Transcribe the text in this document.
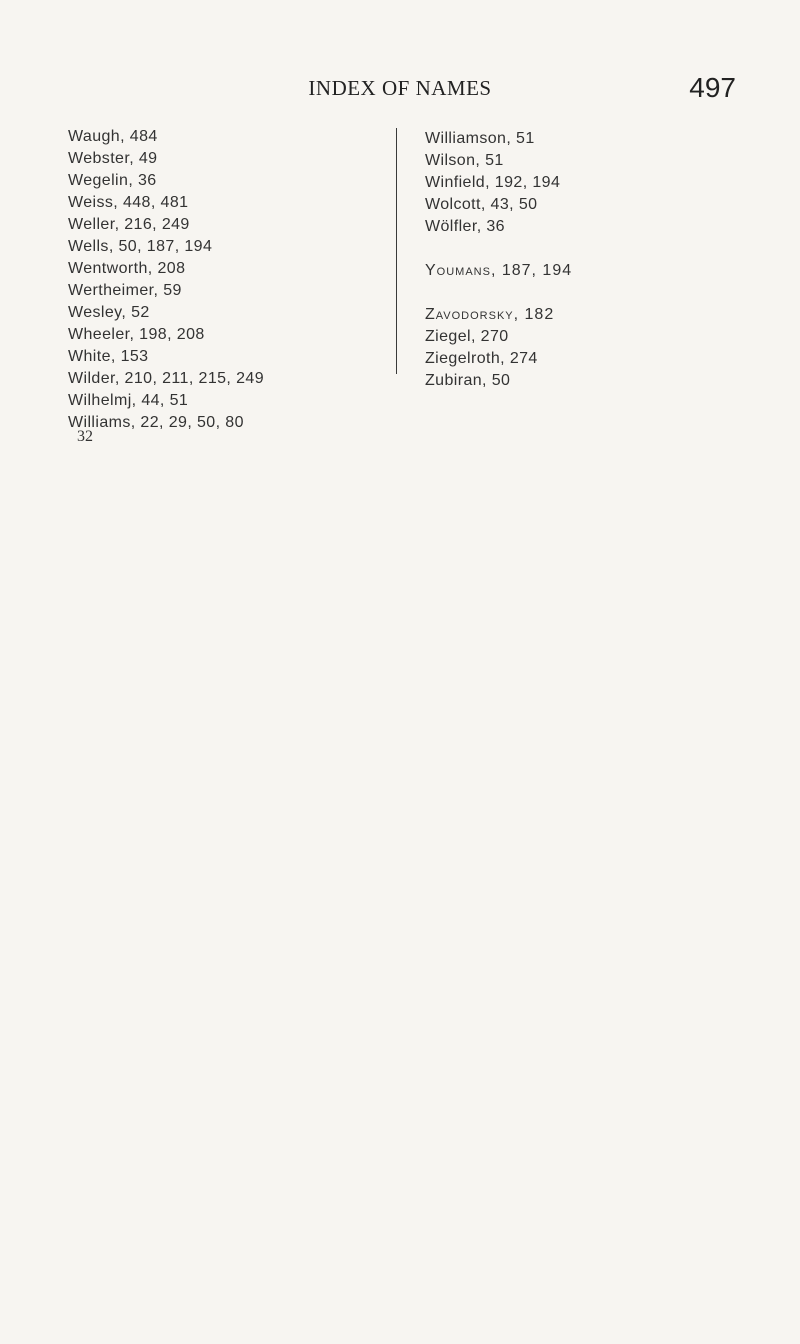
INDEX OF NAMES	497
Waugh, 484
Webster, 49
Wegelin, 36
Weiss, 448, 481
Weller, 216, 249
Wells, 50, 187, 194
Wentworth, 208
Wertheimer, 59
Wesley, 52
Wheeler, 198, 208
White, 153
Wilder, 210, 211, 215, 249
Wilhelmj, 44, 51
Williams, 22, 29, 50, 80
Williamson, 51
Wilson, 51
Winfield, 192, 194
Wolcott, 43, 50
Wölfler, 36
Youmans, 187, 194
Zavodorsky, 182
Ziegel, 270
Ziegelroth, 274
Zubiran, 50
32
